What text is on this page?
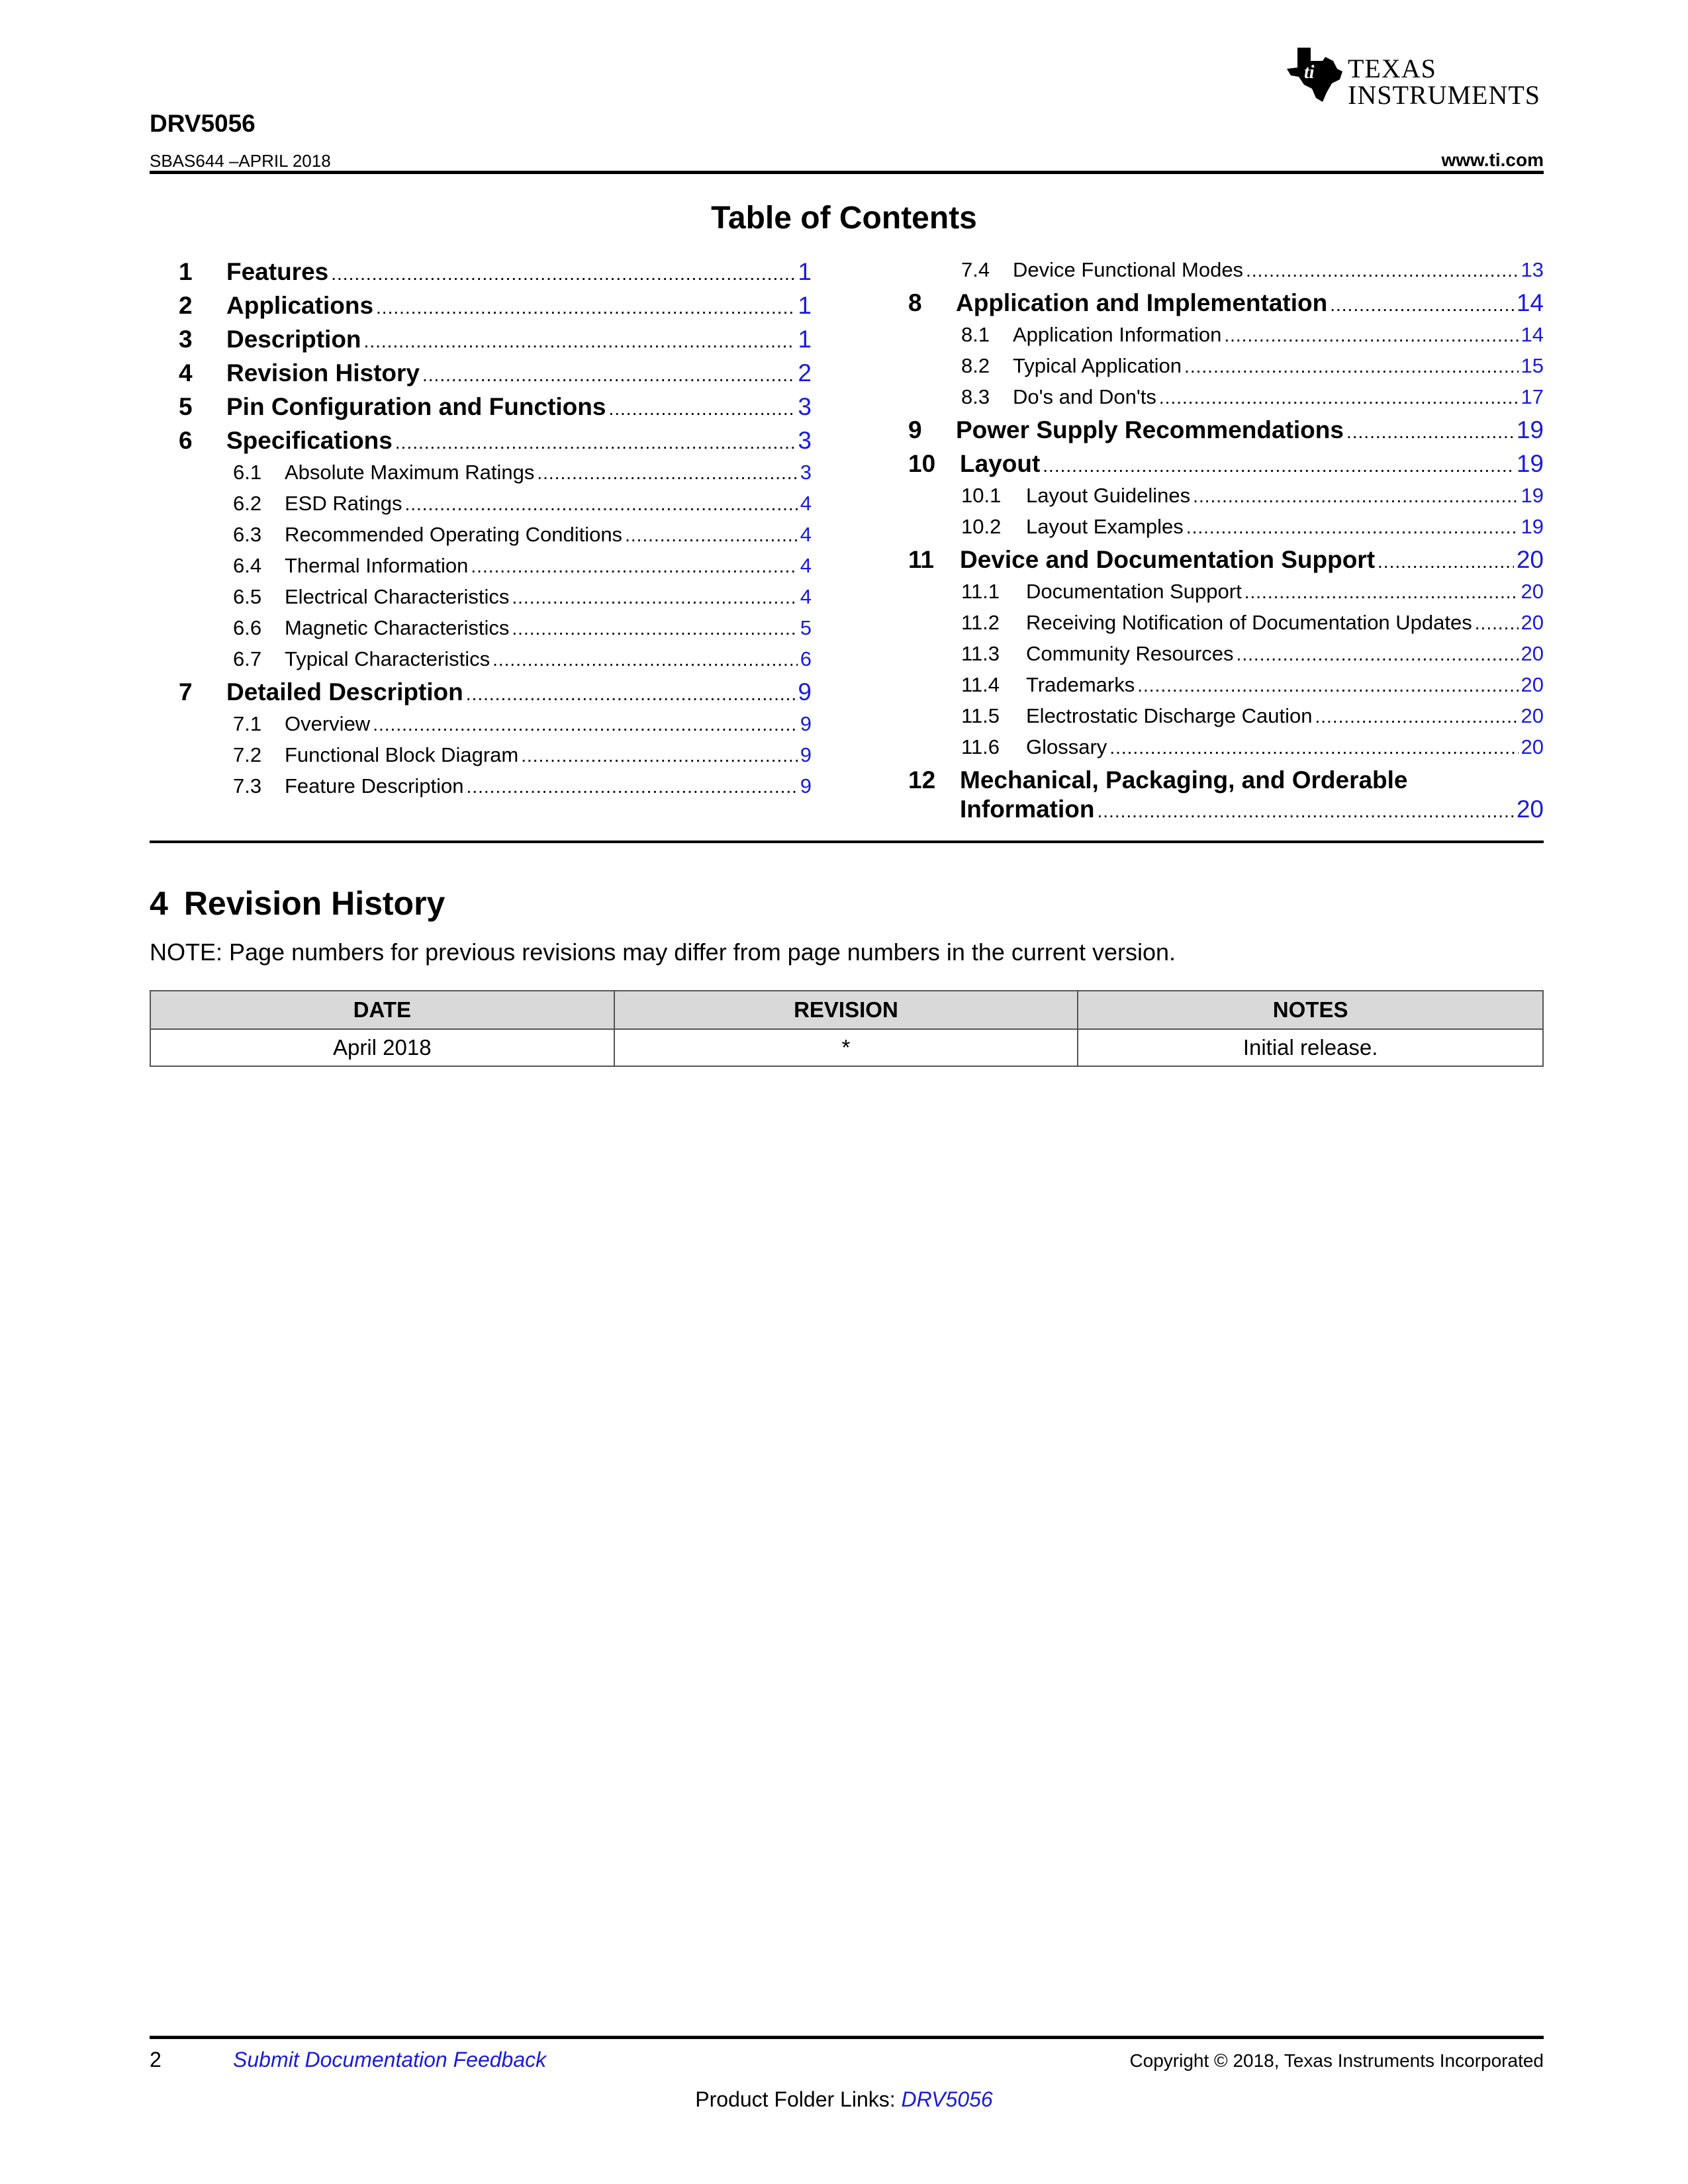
ti TEXAS
INSTRUMENTS
DRV5056
SBAS644 –APRIL 2018	www.ti.com
Table of Contents
1	Features .....	1
2	Applications .....	1
3	Description .....	1
4	Revision History .....	2
5	Pin Configuration and Functions .....	3
6	Specifications .....	3
6.1	Absolute Maximum Ratings .....	3
6.2	ESD Ratings .....	4
6.3	Recommended Operating Conditions .....	4
6.4	Thermal Information .....	4
6.5	Electrical Characteristics .....	4
6.6	Magnetic Characteristics .....	5
6.7	Typical Characteristics .....	6
7	Detailed Description .....	9
7.1	Overview .....	9
7.2	Functional Block Diagram .....	9
7.3	Feature Description .....	9
7.4	Device Functional Modes .....	13
8	Application and Implementation .....	14
8.1	Application Information .....	14
8.2	Typical Application .....	15
8.3	Do's and Don'ts .....	17
9	Power Supply Recommendations .....	19
10 Layout .....	19
10.1	Layout Guidelines .....	19
10.2	Layout Examples .....	19
11	Device and Documentation Support .....	20
11.1	Documentation Support .....	20
11.2	Receiving Notification of Documentation Updates ..... 20
11.3	Community Resources .....	20
11.4	Trademarks .....	20
11.5	Electrostatic Discharge Caution .....	20
11.6	Glossary .....	20
12 Mechanical, Packaging, and Orderable
Information .....	20
4 Revision History
NOTE: Page numbers for previous revisions may differ from page numbers in the current version.
DATE	REVISION	NOTES
April 2018	*	Initial release.
2	Submit Documentation Feedback	Copyright © 2018, Texas Instruments Incorporated
Product Folder Links: DRV5056
